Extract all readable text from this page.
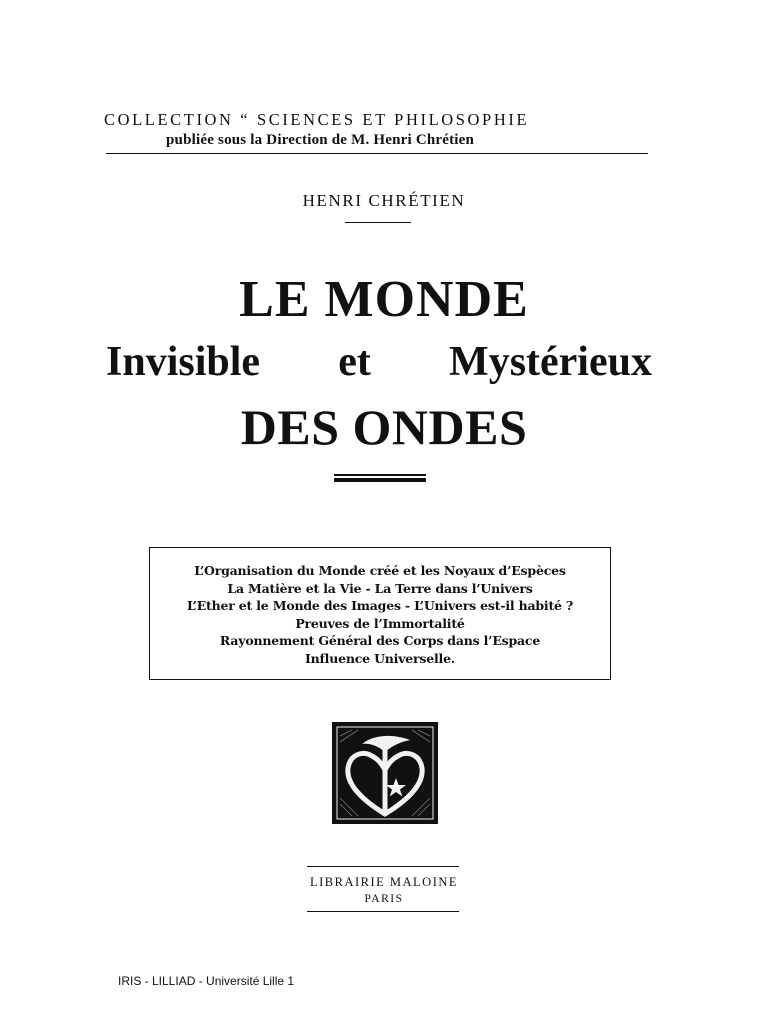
COLLECTION “ SCIENCES ET PHILOSOPHIE
publiée sous la Direction de M. Henri Chrétien
HENRI CHRÉTIEN
LE MONDE
Invisible et Mystérieux
DES ONDES
L’Organisation du Monde créé et les Noyaux d’Espèces
La Matière et la Vie - La Terre dans l’Univers
L’Ether et le Monde des Images - L’Univers est-il habité ?
Preuves de l’Immortalité
Rayonnement Général des Corps dans l’Espace
Influence Universelle.
LIBRAIRIE MALOINE
PARIS
IRIS - LILLIAD - Université Lille 1
